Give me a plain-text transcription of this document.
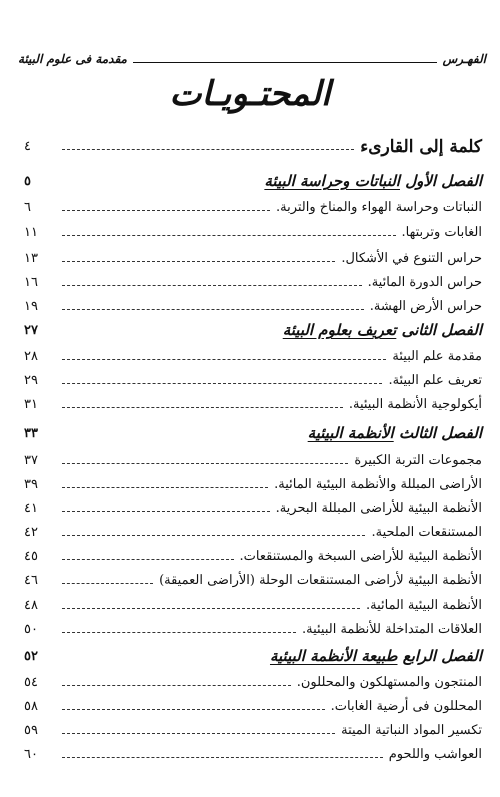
الفهـرس
مقدمة فى علوم البيئة
المحتـويـات
كلمة إلى القارىء
٤
الفصل الأول النباتات وحراسة البيئة
٥
النباتات وحراسة الهواء والمناخ والتربة.
٦
الغابات وتربتها.
١١
حراس التنوع في الأشكال.
١٣
حراس الدورة المائية.
١٦
حراس الأرض الهشة.
١٩
الفصل الثانى تعريف بعلوم البيئة
٢٧
مقدمة علم البيئة
٢٨
تعريف علم البيئة.
٢٩
أيكولوجية الأنظمة البيئية.
٣١
الفصل الثالث الأنظمة البيئية
٣٣
مجموعات التربة الكبيرة
٣٧
الأراضى المبللة والأنظمة البيئية المائية.
٣٩
الأنظمة البيئية للأراضى المبللة البحرية.
٤١
المستنقعات الملحية.
٤٢
الأنظمة البيئية للأراضى السبخة والمستنقعات.
٤٥
الأنظمة البيئية لأراضى المستنقعات الوحلة (الأراضى العميقة)
٤٦
الأنظمة البيئية المائية.
٤٨
العلاقات المتداخلة للأنظمة البيئية.
٥٠
الفصل الرابع طبيعة الأنظمة البيئية
٥٢
المنتجون والمستهلكون والمحللون.
٥٤
المحللون فى أرضية الغابات.
٥٨
تكسير المواد النباتية الميتة
٥٩
العواشب واللحوم
٦٠
